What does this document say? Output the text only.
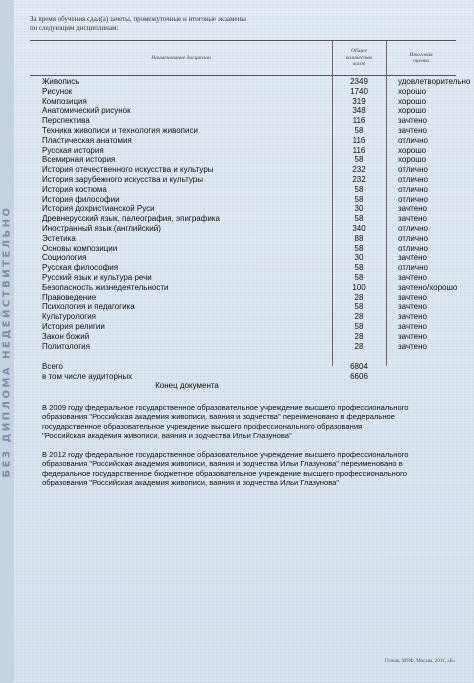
БЕЗ ДИПЛОМА НЕДЕЙСТВИТЕЛЬНО
За время обучения сдал(а) зачеты, промежуточные и итоговые экзамены
по следующим дисциплинам:
Наименование дисциплин
Общее
количество
часов
Итоговая
оценка
Живопись	2349	удовлетворительно
Рисунок	1740	хорошо
Композиция	319	хорошо
Анатомический рисунок	348	хорошо
Перспектива	116	зачтено
Техника живописи и технология живописи	58	зачтено
Пластическая анатомия	116	отлично
Русская история	116	хорошо
Всемирная история	58	хорошо
История отечественного искусства и культуры	232	отлично
История зарубежного искусства и культуры	232	отлично
История костюма	58	отлично
История философии	58	отлично
История дохристианской Руси	30	зачтено
Древнерусский язык, палеография, эпиграфика	58	зачтено
Иностранный язык (английский)	340	отлично
Эстетика	88	отлично
Основы композиции	58	отлично
Социология	30	зачтено
Русская философия	58	отлично
Русский язык и культура речи	58	зачтено
Безопасность жизнедеятельности	100	зачтено/хорошо
Правоведение	28	зачтено
Психология и педагогика	58	зачтено
Культурология	28	зачтено
История религии	58	зачтено
Закон божий	28	зачтено
Политология	28	зачтено
Всего	6804
в том числе аудиторных	6606
Конец документа
В 2009 году федеральное государственное образовательное учреждение высшего профессионального
образования "Российская академия живописи, ваяния и зодчества" переименовано в федеральное
государственное образовательное учреждение высшего профессионального образования
"Российская академия живописи, ваяния и зодчества Ильи Глазунова"
В 2012 году федеральное государственное образовательное учреждение высшего профессионального
образования "Российская академия живописи, ваяния и зодчества Ильи Глазунова" переименовано в
федеральное государственное бюджетное образовательное учреждение высшего профессионального
образования "Российская академия живописи, ваяния и зодчества Ильи Глазунова"
Гознак, МПФ, Москва, 2011, «Б»
